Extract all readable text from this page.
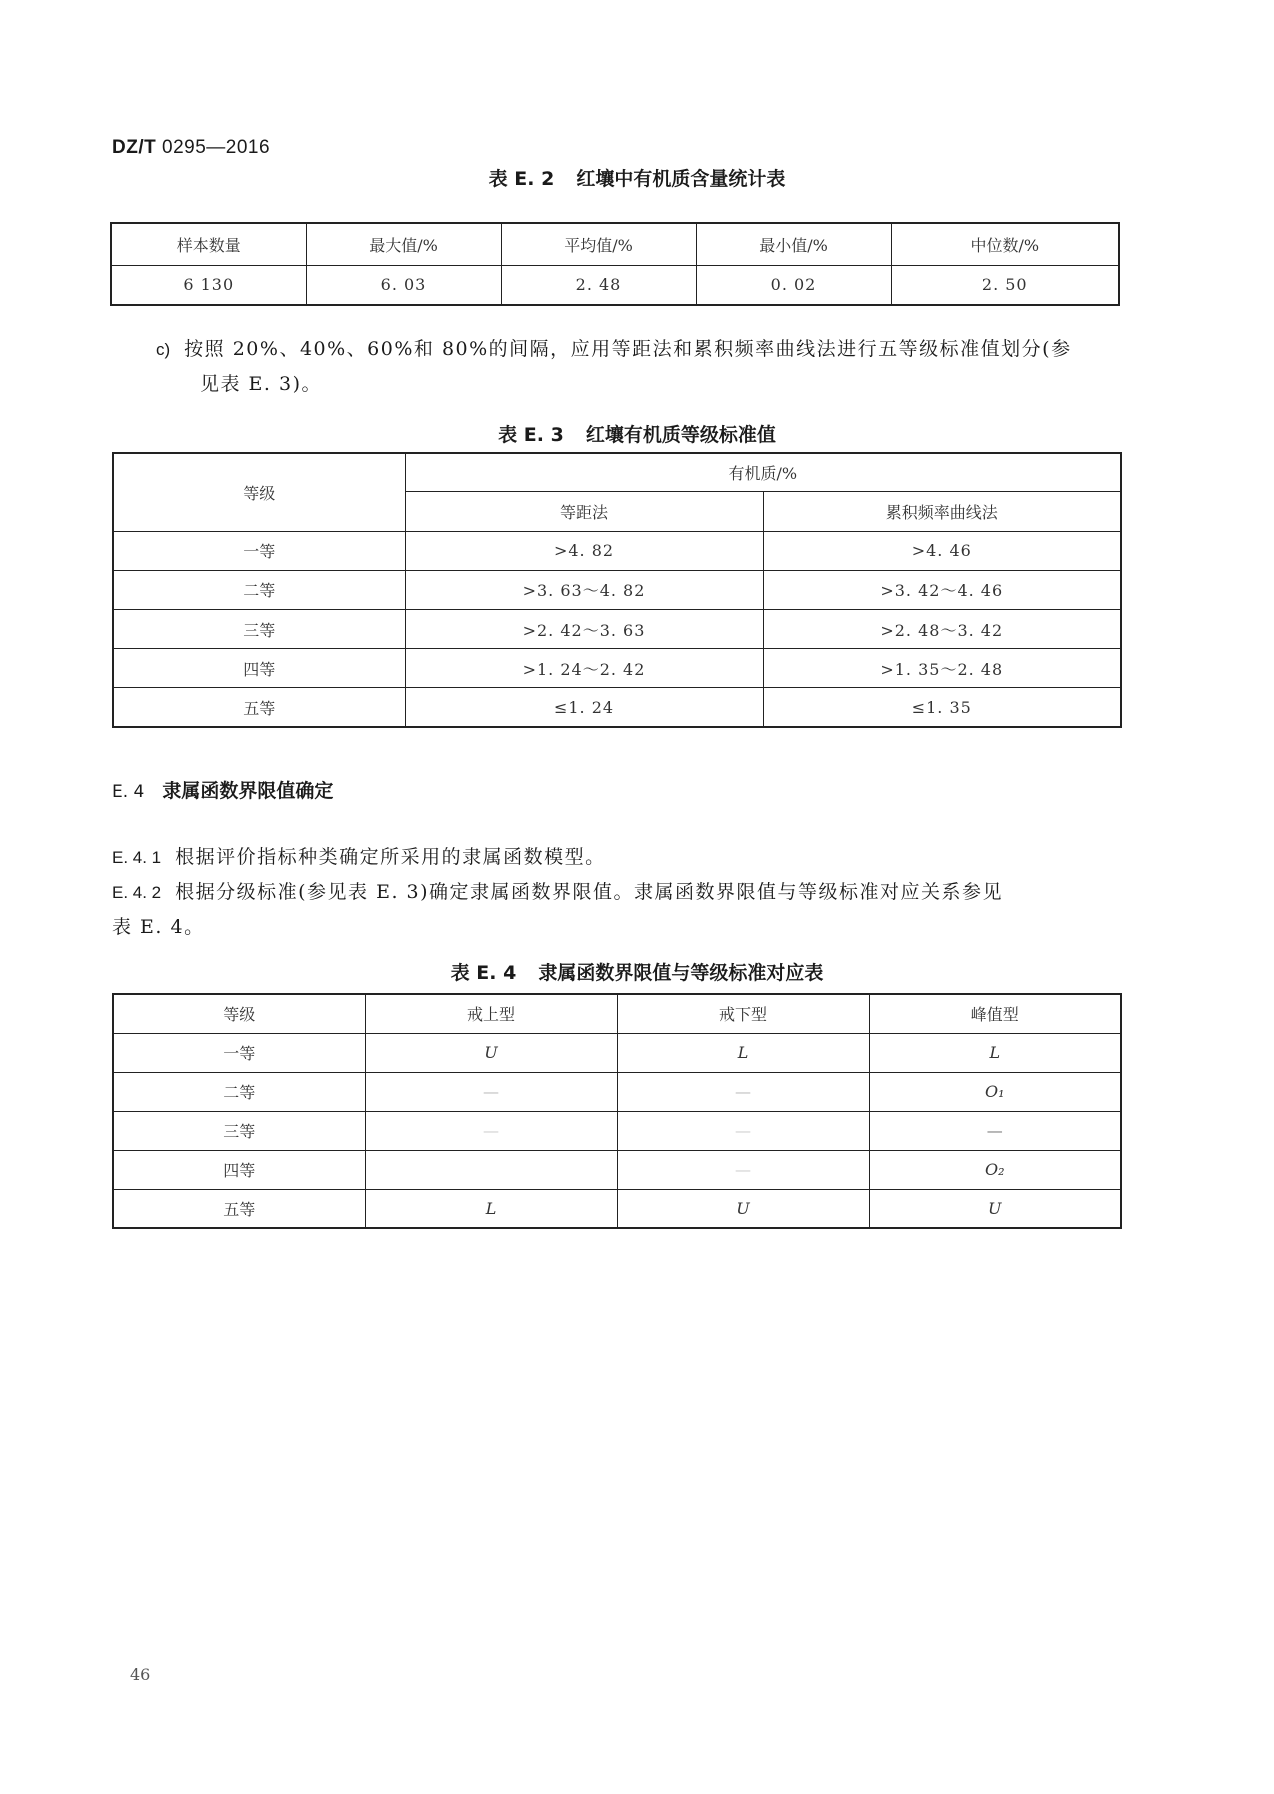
DZ/T 0295—2016
表 E. 2 红壤中有机质含量统计表
样本数量	最大值/%	平均值/%	最小值/%	中位数/%
6 130	6. 03	2. 48	0. 02	2. 50
c) 按照 20%、40%、60%和 80%的间隔，应用等距法和累积频率曲线法进行五等级标准值划分(参
见表 E. 3)。
表 E. 3 红壤有机质等级标准值
等级	有机质/%	
	等距法	累积频率曲线法
一等	>4. 82	>4. 46
二等	>3. 63～4. 82	>3. 42～4. 46
三等	>2. 42～3. 63	>2. 48～3. 42
四等	>1. 24～2. 42	>1. 35～2. 48
五等	≤1. 24	≤1. 35
E. 4 隶属函数界限值确定
E. 4. 1 根据评价指标种类确定所采用的隶属函数模型。
E. 4. 2 根据分级标准(参见表 E. 3)确定隶属函数界限值。隶属函数界限值与等级标准对应关系参见
表 E. 4。
表 E. 4 隶属函数界限值与等级标准对应表
等级	戒上型	戒下型	峰值型
一等	U	L	L
二等	—	—	O₁
三等	—	—	—
四等		—	O₂
五等	L	U	U
46
